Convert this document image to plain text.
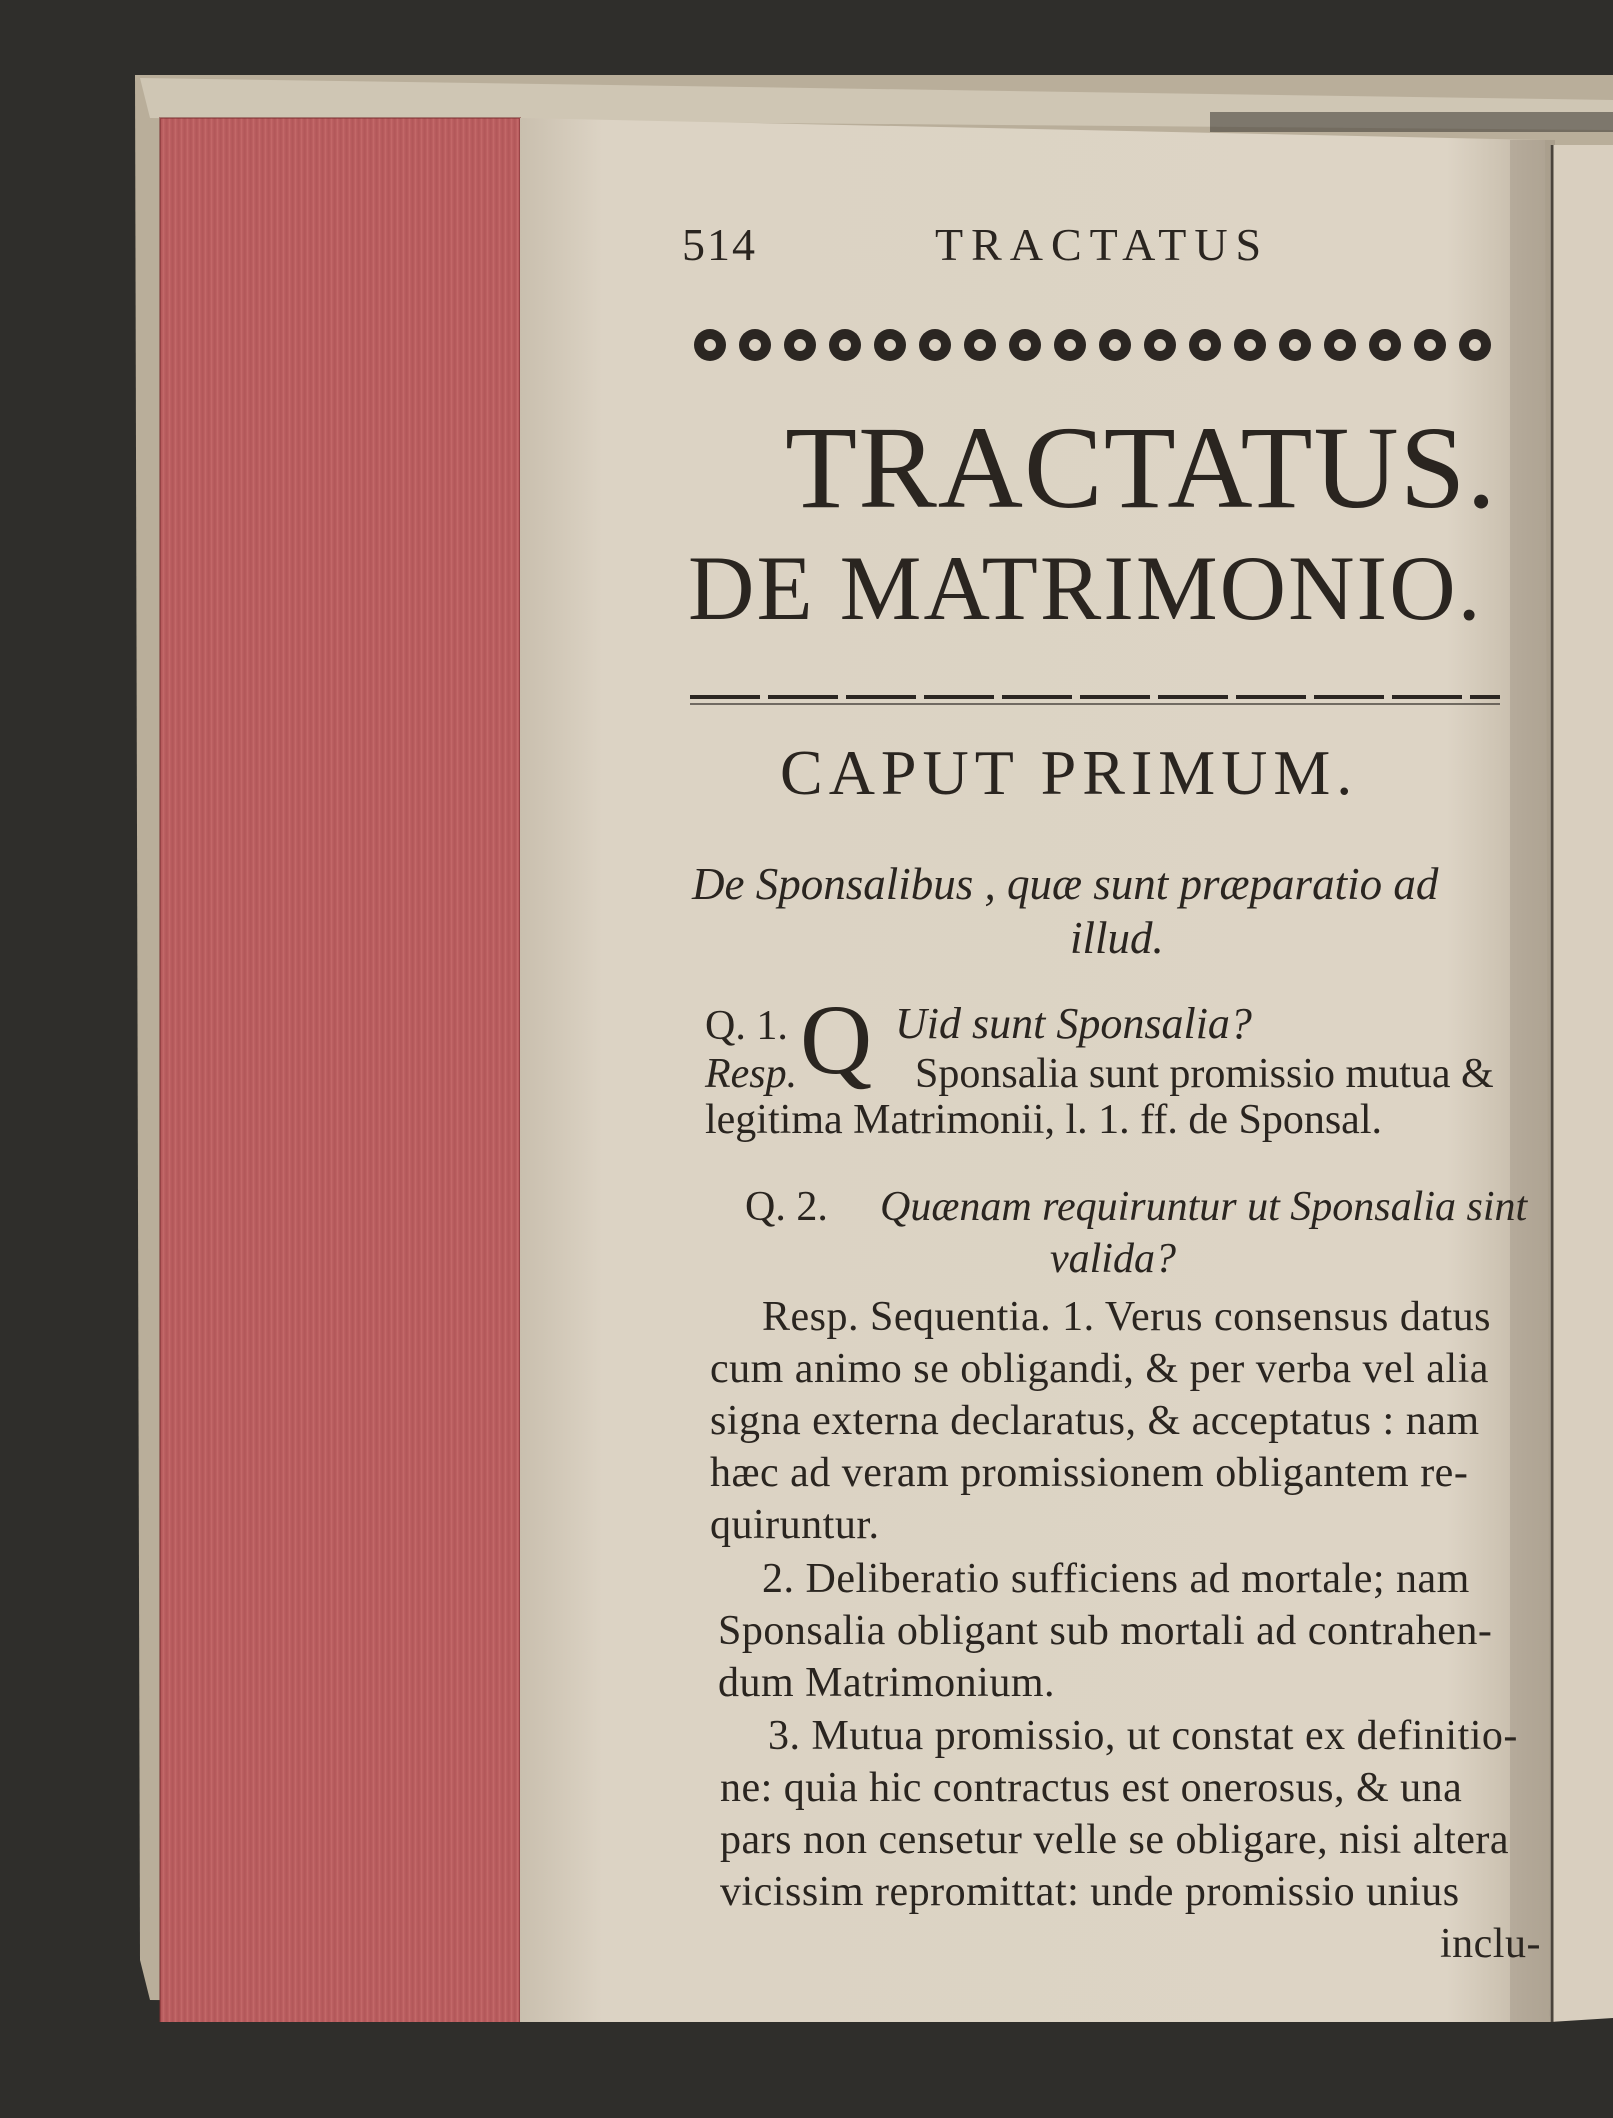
514	TRACTATUS
TRACTATUS.
DE MATRIMONIO.
CAPUT PRIMUM.
De Sponsalibus , quæ sunt præparatio ad
illud.
Q. 1. Q Uid sunt Sponsalia?
Resp.	Sponsalia sunt promissio mutua &
legitima Matrimonii, l. 1. ff. de Sponsal.
Q. 2. Quænam requiruntur ut Sponsalia sint
valida?
Resp. Sequentia. 1. Verus consensus datus
cum animo se obligandi, & per verba vel alia
signa externa declaratus, & acceptatus : nam
hæc ad veram promissionem obligantem re-
quiruntur.
2. Deliberatio sufficiens ad mortale; nam
Sponsalia obligant sub mortali ad contrahen-
dum Matrimonium.
3. Mutua promissio, ut constat ex definitio-
ne: quia hic contractus est onerosus, & una
pars non censetur velle se obligare, nisi altera
vicissim repromittat: unde promissio unius
inclu-
